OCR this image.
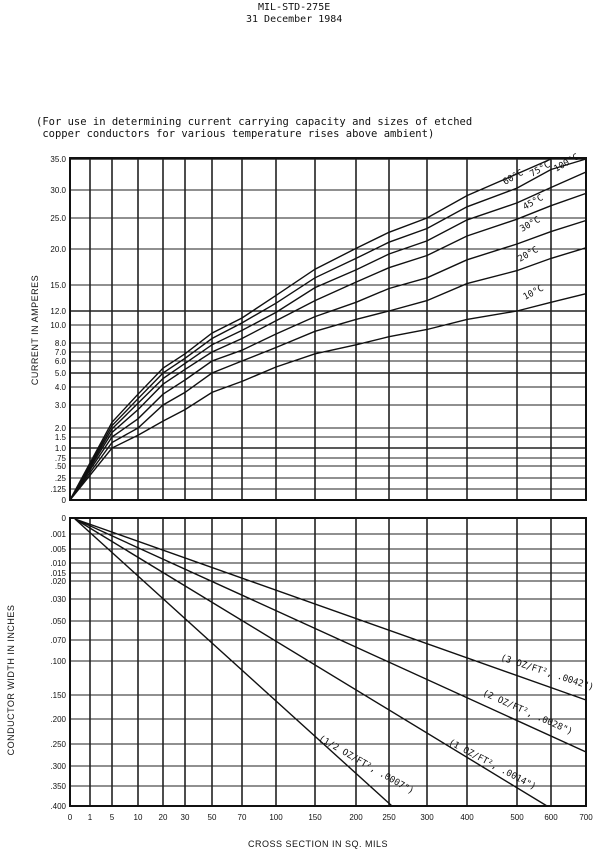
MIL-STD-275E
31 December 1984
(For use in determining current carrying capacity and sizes of etched
copper conductors for various temperature rises above ambient)
0
.125
.25
.50
.75
1.0
1.5
2.0
3.0
4.0
5.0
6.0
7.0
8.0
10.0
12.0
15.0
20.0
25.0
30.0
35.0
10°C
20°C
30°C
45°C
60°C 75°C 100°C
CURRENT IN AMPERES
0
.001
.005
.010
.015
.020
.030
.050
.070
.100
.150
.200
.250
.300
.350
.400
0 1 5 10 20 30 50	70	100	150	200 250	300	400	500	600	700
(1/2 OZ/FT², .0007")	(1 OZ/FT², .0014")
(2 OZ/FT², .0028")
(3 OZ/FT², .0042")
CONDUCTOR WIDTH IN INCHES
CROSS SECTION IN SQ. MILS
